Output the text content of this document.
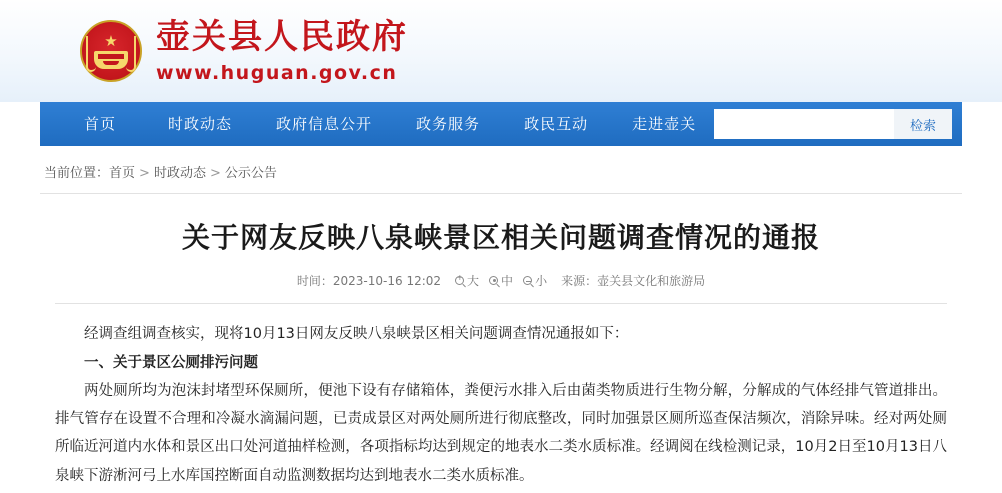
★ 壶关县人民政府
www.huguan.gov.cn
首页	时政动态	政府信息公开	政务服务	政民互动	走进壶关	检索
当前位置：首页 > 时政动态 > 公示公告
关于网友反映八泉峡景区相关问题调查情况的通报
时间：2023-10-16 12:02 + 大 中 小 来源：壶关县文化和旅游局

经调查组调查核实，现将10月13日网友反映八泉峡景区相关问题调查情况通报如下：

一、关于景区公厕排污问题

两处厕所均为泡沫封堵型环保厕所，便池下设有存储箱体，粪便污水排入后由菌类物质进行生物分解，分解成的气体经排气管道排出。排气管存在设置不合理和冷凝水滴漏问题，已责成景区对两处厕所进行彻底整改，同时加强景区厕所巡查保洁频次，消除异味。经对两处厕所临近河道内水体和景区出口处河道抽样检测，各项指标均达到规定的地表水二类水质标准。经调阅在线检测记录，10月2日至10月13日八泉峡下游淅河弓上水库国控断面自动监测数据均达到地表水二类水质标准。
